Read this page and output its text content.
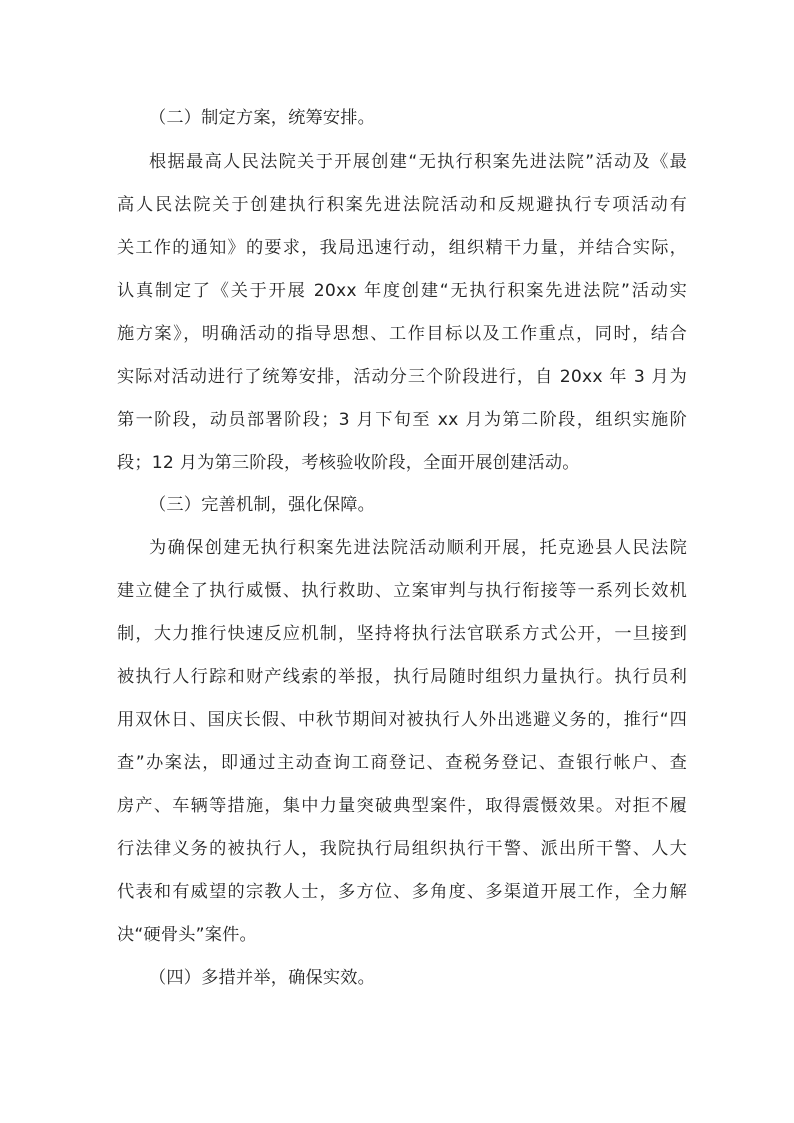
（二）制定方案，统筹安排。
根据最高人民法院关于开展创建“无执行积案先进法院”活动及《最
高人民法院关于创建执行积案先进法院活动和反规避执行专项活动有
关工作的通知》的要求，我局迅速行动，组织精干力量，并结合实际，
认真制定了《关于开展 20xx 年度创建“无执行积案先进法院”活动实
施方案》，明确活动的指导思想、工作目标以及工作重点，同时，结合
实际对活动进行了统筹安排，活动分三个阶段进行，自 20xx 年 3 月为
第一阶段，动员部署阶段；3 月下旬至 xx 月为第二阶段，组织实施阶
段；12 月为第三阶段，考核验收阶段，全面开展创建活动。
（三）完善机制，强化保障。
为确保创建无执行积案先进法院活动顺利开展，托克逊县人民法院
建立健全了执行威慑、执行救助、立案审判与执行衔接等一系列长效机
制，大力推行快速反应机制，坚持将执行法官联系方式公开，一旦接到
被执行人行踪和财产线索的举报，执行局随时组织力量执行。执行员利
用双休日、国庆长假、中秋节期间对被执行人外出逃避义务的，推行“四
查”办案法，即通过主动查询工商登记、查税务登记、查银行帐户、查
房产、车辆等措施，集中力量突破典型案件，取得震慑效果。对拒不履
行法律义务的被执行人，我院执行局组织执行干警、派出所干警、人大
代表和有威望的宗教人士，多方位、多角度、多渠道开展工作，全力解
决“硬骨头”案件。
（四）多措并举，确保实效。
